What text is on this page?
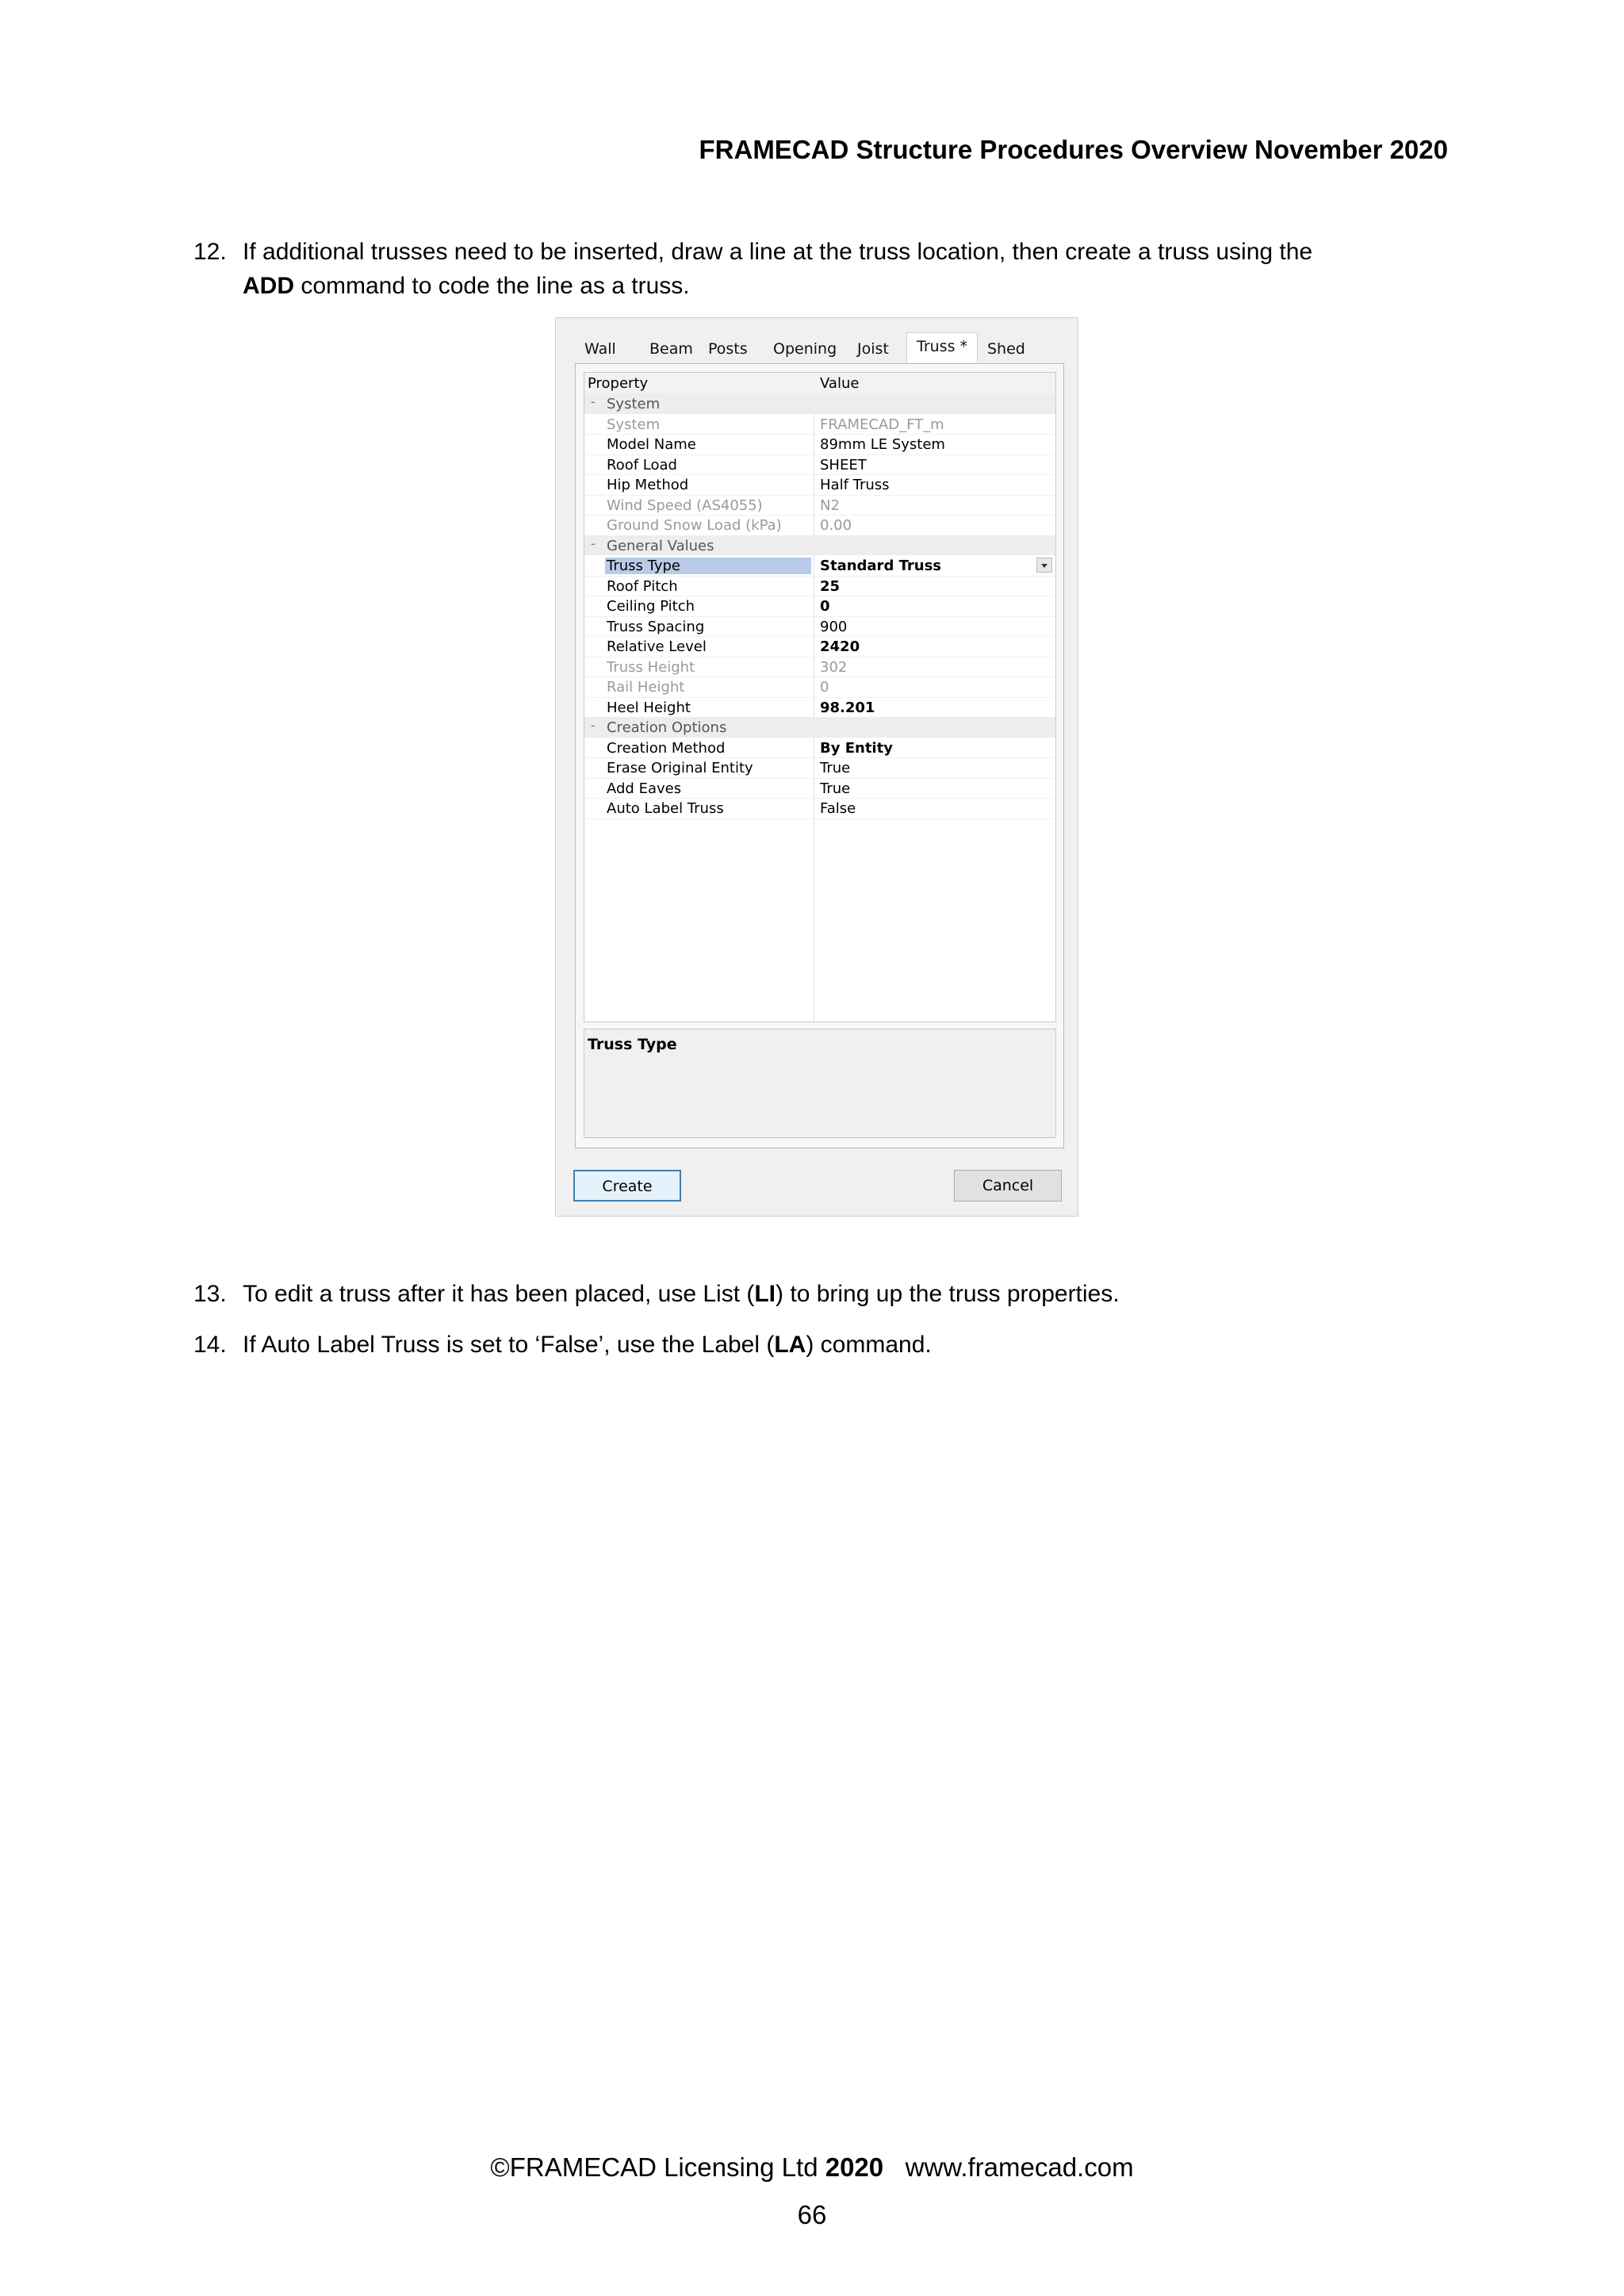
FRAMECAD Structure Procedures Overview November 2020
12. If additional trusses need to be inserted, draw a line at the truss location, then create a truss using the
ADD command to code the line as a truss.
Wall Beam Posts Opening Joist	Truss *	Shed
Property	Value
- System
System	FRAMECAD_FT_m
Model Name	89mm LE System
Roof Load	SHEET
Hip Method	Half Truss
Wind Speed (AS4055)	N2
Ground Snow Load (kPa)	0.00
- General Values
Truss Type	Standard Truss
Roof Pitch	25
Ceiling Pitch	0
Truss Spacing	900
Relative Level	2420
Truss Height	302
Rail Height	0
Heel Height	98.201
- Creation Options
Creation Method	By Entity
Erase Original Entity	True
Add Eaves	True
Auto Label Truss	False
Truss Type
Create	Cancel
13. To edit a truss after it has been placed, use List (LI) to bring up the truss properties.
14. If Auto Label Truss is set to ‘False’, use the Label (LA) command.
©FRAMECAD Licensing Ltd 2020   www.framecad.com
66
